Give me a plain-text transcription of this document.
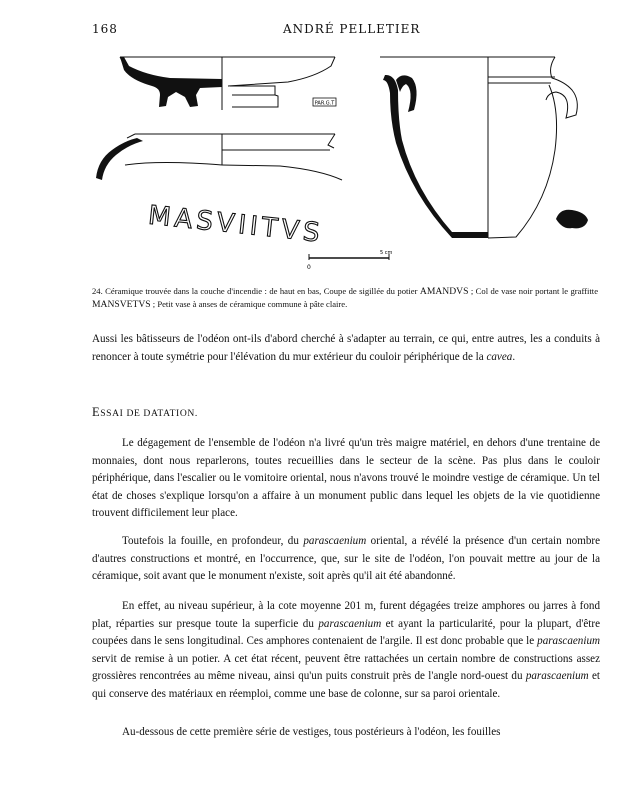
168	ANDRÉ PELLETIER
PAR.G.T
MASVIITVS
0
5 cm
24. Céramique trouvée dans la couche d'incendie : de haut en bas, Coupe de sigillée du potier AMANDVS ; Col de vase noir portant le graffitte MANSVETVS ; Petit vase à anses de céramique commune à pâte claire.
Aussi les bâtisseurs de l'odéon ont-ils d'abord cherché à s'adapter au terrain, ce qui, entre autres, les a conduits à renoncer à toute symétrie pour l'élévation du mur extérieur du couloir périphérique de la cavea.
ESSAI DE DATATION.
Le dégagement de l'ensemble de l'odéon n'a livré qu'un très maigre matériel, en dehors d'une trentaine de monnaies, dont nous reparlerons, toutes recueillies dans le secteur de la scène. Pas plus dans le couloir périphérique, dans l'escalier ou le vomitoire oriental, nous n'avons trouvé le moindre vestige de céramique. Un tel état de choses s'explique lorsqu'on a affaire à un monument public dans lequel les objets de la vie quotidienne trouvent difficilement leur place.
Toutefois la fouille, en profondeur, du parascaenium oriental, a révélé la présence d'un certain nombre d'autres constructions et montré, en l'occurrence, que, sur le site de l'odéon, l'on pouvait mettre au jour de la céramique, soit avant que le monument n'existe, soit après qu'il ait été abandonné.
En effet, au niveau supérieur, à la cote moyenne 201 m, furent dégagées treize amphores ou jarres à fond plat, réparties sur presque toute la superficie du parascaenium et ayant la particularité, pour la plupart, d'être coupées dans le sens longitudinal. Ces amphores contenaient de l'argile. Il est donc probable que le parascaenium servit de remise à un potier. A cet état récent, peuvent être rattachées un certain nombre de constructions assez grossières rencontrées au même niveau, ainsi qu'un puits construit près de l'angle nord-ouest du parascaenium et qui conserve des matériaux en réemploi, comme une base de colonne, sur sa paroi orientale.
Au-dessous de cette première série de vestiges, tous postérieurs à l'odéon, les fouilles
